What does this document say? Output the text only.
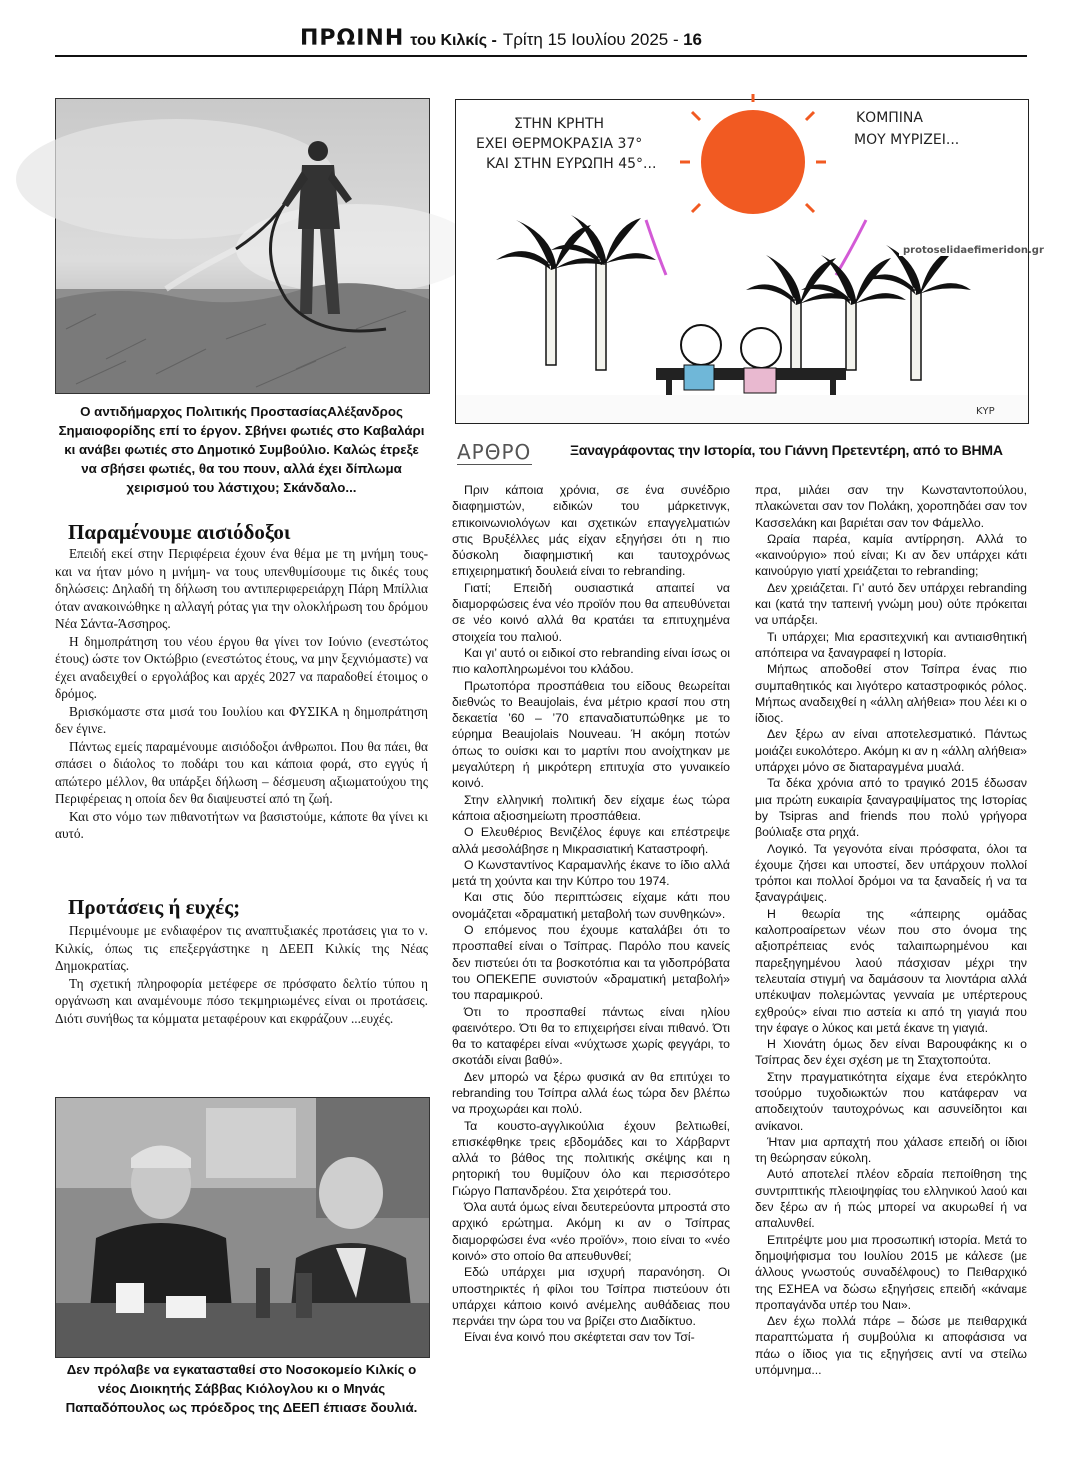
ΠΡΩΙΝΗ του Κιλκίς - Τρίτη 15 Ιουλίου 2025 - 16
Ο αντιδήμαρχος Πολιτικής ΠροστασίαςΑλέξανδρος Σημαιοφορίδης επί το έργον. Σβήνει φωτιές στο Καβαλάρι κι ανάβει φωτιές στο Δημοτικό Συμβούλιο. Καλώς έτρεξε να σβήσει φωτιές, θα του πουν, αλλά έχει δίπλωμα χειρισμού του λάστιχου; Σκάνδαλο...
Παραμένουμε αισιόδοξοι

Επειδή εκεί στην Περιφέρεια έχουν ένα θέμα με τη μνήμη τους- και να ήταν μόνο η μνήμη- να τους υπενθυμίσουμε τις δικές τους δηλώσεις: Δηλαδή τη δήλωση του αντιπεριφερειάρχη Πάρη Μπίλλια όταν ανακοινώθηκε η αλλαγή ρότας για την ολοκλήρωση του δρόμου Νέα Σάντα-Άσσηρος.

Η δημοπράτηση του νέου έργου θα γίνει τον Ιούνιο (ενεστώτος έτους) ώστε τον Οκτώβριο (ενεστώτος έτους, να μην ξεχνιόμαστε) να έχει αναδειχθεί ο εργολάβος και αρχές 2027 να παραδοθεί έτοιμος ο δρόμος.

Βρισκόμαστε στα μισά του Ιουλίου και ΦΥΣΙΚΑ η δημοπράτηση δεν έγινε.

Πάντως εμείς παραμένουμε αισιόδοξοι άνθρωποι. Που θα πάει, θα σπάσει ο διάολος το ποδάρι του και κάποια φορά, στο εγγύς ή απώτερο μέλλον, θα υπάρξει δήλωση – δέσμευση αξιωματούχου της Περιφέρειας η οποία δεν θα διαψευστεί από τη ζωή.

Και στο νόμο των πιθανοτήτων να βασιστούμε, κάποτε θα γίνει κι αυτό.

Προτάσεις ή ευχές;

Περιμένουμε με ενδιαφέρον τις αναπτυξιακές προτάσεις για το ν. Κιλκίς, όπως τις επεξεργάστηκε η ΔΕΕΠ Κιλκίς της Νέας Δημοκρατίας.

Τη σχετική πληροφορία μετέφερε σε πρόσφατο δελτίο τύπου η οργάνωση και αναμένουμε πόσο τεκμηριωμένες είναι οι προτάσεις. Διότι συνήθως τα κόμματα μεταφέρουν και εκφράζουν ...ευχές.

Δεν πρόλαβε να εγκατασταθεί στο Νοσοκομείο Κιλκίς ο νέος Διοικητής Σάββας Κιόλογλου κι ο Μηνάς Παπαδόπουλος ως πρόεδρος της ΔΕΕΠ έπιασε δουλιά.
ΣΤΗΝ ΚΡΗΤΗ
ΕΧΕΙ ΘΕΡΜΟΚΡΑΣΙΑ 37°
ΚΑΙ ΣΤΗΝ ΕΥΡΩΠΗ 45°...
ΚΟΜΠΙΝΑ
ΜΟΥ ΜΥΡΙΖΕΙ...
protoselidaefimeridon.gr
ΚΥΡ
ΑΡΘΡΟ	Ξαναγράφοντας την Ιστορία, του Γιάννη Πρετεντέρη, από το ΒΗΜΑ

Πριν κάποια χρόνια, σε ένα συνέδριο διαφημιστών, ειδικών του μάρκετινγκ, επικοινωνιολόγων και σχετικών επαγγελματιών στις Βρυξέλλες μάς είχαν εξηγήσει ότι η πιο δύσκολη διαφημιστική και ταυτοχρόνως επιχειρηματική δουλειά είναι το rebranding.

Γιατί; Επειδή ουσιαστικά απαιτεί να διαμορφώσεις ένα νέο προϊόν που θα απευθύνεται σε νέο κοινό αλλά θα κρατάει τα επιτυχημένα στοιχεία του παλιού.

Και γι’ αυτό οι ειδικοί στο rebranding είναι ίσως οι πιο καλοπληρωμένοι του κλάδου.

Πρωτοπόρα προσπάθεια του είδους θεωρείται διεθνώς το Beaujolais, ένα μέτριο κρασί που στη δεκαετία ’60 – ’70 επαναδιατυπώθηκε με το εύρημα Beaujolais Nouveau. Ή ακόμη ποτών όπως το ουίσκι και το μαρτίνι που ανοίχτηκαν με μεγαλύτερη ή μικρότερη επιτυχία στο γυναικείο κοινό.

Στην ελληνική πολιτική δεν είχαμε έως τώρα κάποια αξιοσημείωτη προσπάθεια.

Ο Ελευθέριος Βενιζέλος έφυγε και επέστρεψε αλλά μεσολάβησε η Μικρασιατική Καταστροφή.

Ο Κωνσταντίνος Καραμανλής έκανε το ίδιο αλλά μετά τη χούντα και την Κύπρο του 1974.

Και στις δύο περιπτώσεις είχαμε κάτι που ονομάζεται «δραματική μεταβολή των συνθηκών».

Ο επόμενος που έχουμε καταλάβει ότι το προσπαθεί είναι ο Τσίπρας. Παρόλο που κανείς δεν πιστεύει ότι τα βοσκοτόπια και τα γιδοπρόβατα του ΟΠΕΚΕΠΕ συνιστούν «δραματική μεταβολή» του παραμικρού.

Ότι το προσπαθεί πάντως είναι ηλίου φαεινότερο. Ότι θα το επιχειρήσει είναι πιθανό. Ότι θα το καταφέρει είναι «νύχτωσε χωρίς φεγγάρι, το σκοτάδι είναι βαθύ».

Δεν μπορώ να ξέρω φυσικά αν θα επιτύχει το rebranding του Τσίπρα αλλά έως τώρα δεν βλέπω να προχωράει και πολύ.

Τα κουστο-αγγλικούλια έχουν βελτιωθεί, επισκέφθηκε τρεις εβδομάδες και το Χάρβαρντ αλλά το βάθος της πολιτικής σκέψης και η ρητορική του θυμίζουν όλο και περισσότερο Γιώργο Παπανδρέου. Στα χειρότερά του.

Όλα αυτά όμως είναι δευτερεύοντα μπροστά στο αρχικό ερώτημα. Ακόμη κι αν ο Τσίπρας διαμορφώσει ένα «νέο προϊόν», ποιο είναι το «νέο κοινό» στο οποίο θα απευθυνθεί;

Εδώ υπάρχει μια ισχυρή παρανόηση. Οι υποστηρικτές ή φίλοι του Τσίπρα πιστεύουν ότι υπάρχει κάποιο κοινό ανέμελης αυθάδειας που περνάει την ώρα του να βρίζει στο Διαδίκτυο.

Είναι ένα κοινό που σκέφτεται σαν τον Τσί-

πρα, μιλάει σαν την Κωνσταντοπούλου, πλακώνεται σαν τον Πολάκη, χοροπηδάει σαν τον Κασσελάκη και βαριέται σαν τον Φάμελλο.

Ωραία παρέα, καμία αντίρρηση. Αλλά το «καινούργιο» πού είναι; Κι αν δεν υπάρχει κάτι καινούργιο γιατί χρειάζεται το rebranding;

Δεν χρειάζεται. Γι’ αυτό δεν υπάρχει rebranding και (κατά την ταπεινή γνώμη μου) ούτε πρόκειται να υπάρξει.

Τι υπάρχει; Μια ερασιτεχνική και αντιαισθητική απόπειρα να ξαναγραφεί η Ιστορία.

Μήπως αποδοθεί στον Τσίπρα ένας πιο συμπαθητικός και λιγότερο καταστροφικός ρόλος. Μήπως αναδειχθεί η «άλλη αλήθεια» που λέει κι ο ίδιος.

Δεν ξέρω αν είναι αποτελεσματικό. Πάντως μοιάζει ευκολότερο. Ακόμη κι αν η «άλλη αλήθεια» υπάρχει μόνο σε διαταραγμένα μυαλά.

Τα δέκα χρόνια από το τραγικό 2015 έδωσαν μια πρώτη ευκαιρία ξαναγραψίματος της Ιστορίας by Tsipras and friends που πολύ γρήγορα βούλιαξε στα ρηχά.

Λογικό. Τα γεγονότα είναι πρόσφατα, όλοι τα έχουμε ζήσει και υποστεί, δεν υπάρχουν πολλοί τρόποι και πολλοί δρόμοι να τα ξαναδείς ή να τα ξαναγράψεις.

Η θεωρία της «άπειρης ομάδας καλοπροαίρετων νέων που στο όνομα της αξιοπρέπειας ενός ταλαιπωρημένου και παρεξηγημένου λαού πάσχισαν μέχρι την τελευταία στιγμή να δαμάσουν τα λιοντάρια αλλά υπέκυψαν πολεμώντας γενναία με υπέρτερους εχθρούς» είναι πιο αστεία κι από τη γιαγιά που την έφαγε ο λύκος και μετά έκανε τη γιαγιά.

Η Χιονάτη όμως δεν είναι Βαρουφάκης κι ο Τσίπρας δεν έχει σχέση με τη Σταχτοπούτα.

Στην πραγματικότητα είχαμε ένα ετερόκλητο τσούρμο τυχοδιωκτών που κατάφεραν να αποδειχτούν ταυτοχρόνως και ασυνείδητοι και ανίκανοι.

Ήταν μια αρπαχτή που χάλασε επειδή οι ίδιοι τη θεώρησαν εύκολη.

Αυτό αποτελεί πλέον εδραία πεποίθηση της συντριπτικής πλειοψηφίας του ελληνικού λαού και δεν ξέρω αν ή πώς μπορεί να ακυρωθεί ή να απαλυνθεί.

Επιτρέψτε μου μια προσωπική ιστορία. Μετά το δημοψήφισμα του Ιουλίου 2015 με κάλεσε (με άλλους γνωστούς συναδέλφους) το Πειθαρχικό της ΕΣΗΕΑ να δώσω εξηγήσεις επειδή «κάναμε προπαγάνδα υπέρ του Ναι».

Δεν έχω πολλά πάρε – δώσε με πειθαρχικά παραπτώματα ή συμβούλια κι αποφάσισα να πάω ο ίδιος για τις εξηγήσεις αντί να στείλω υπόμνημα...
